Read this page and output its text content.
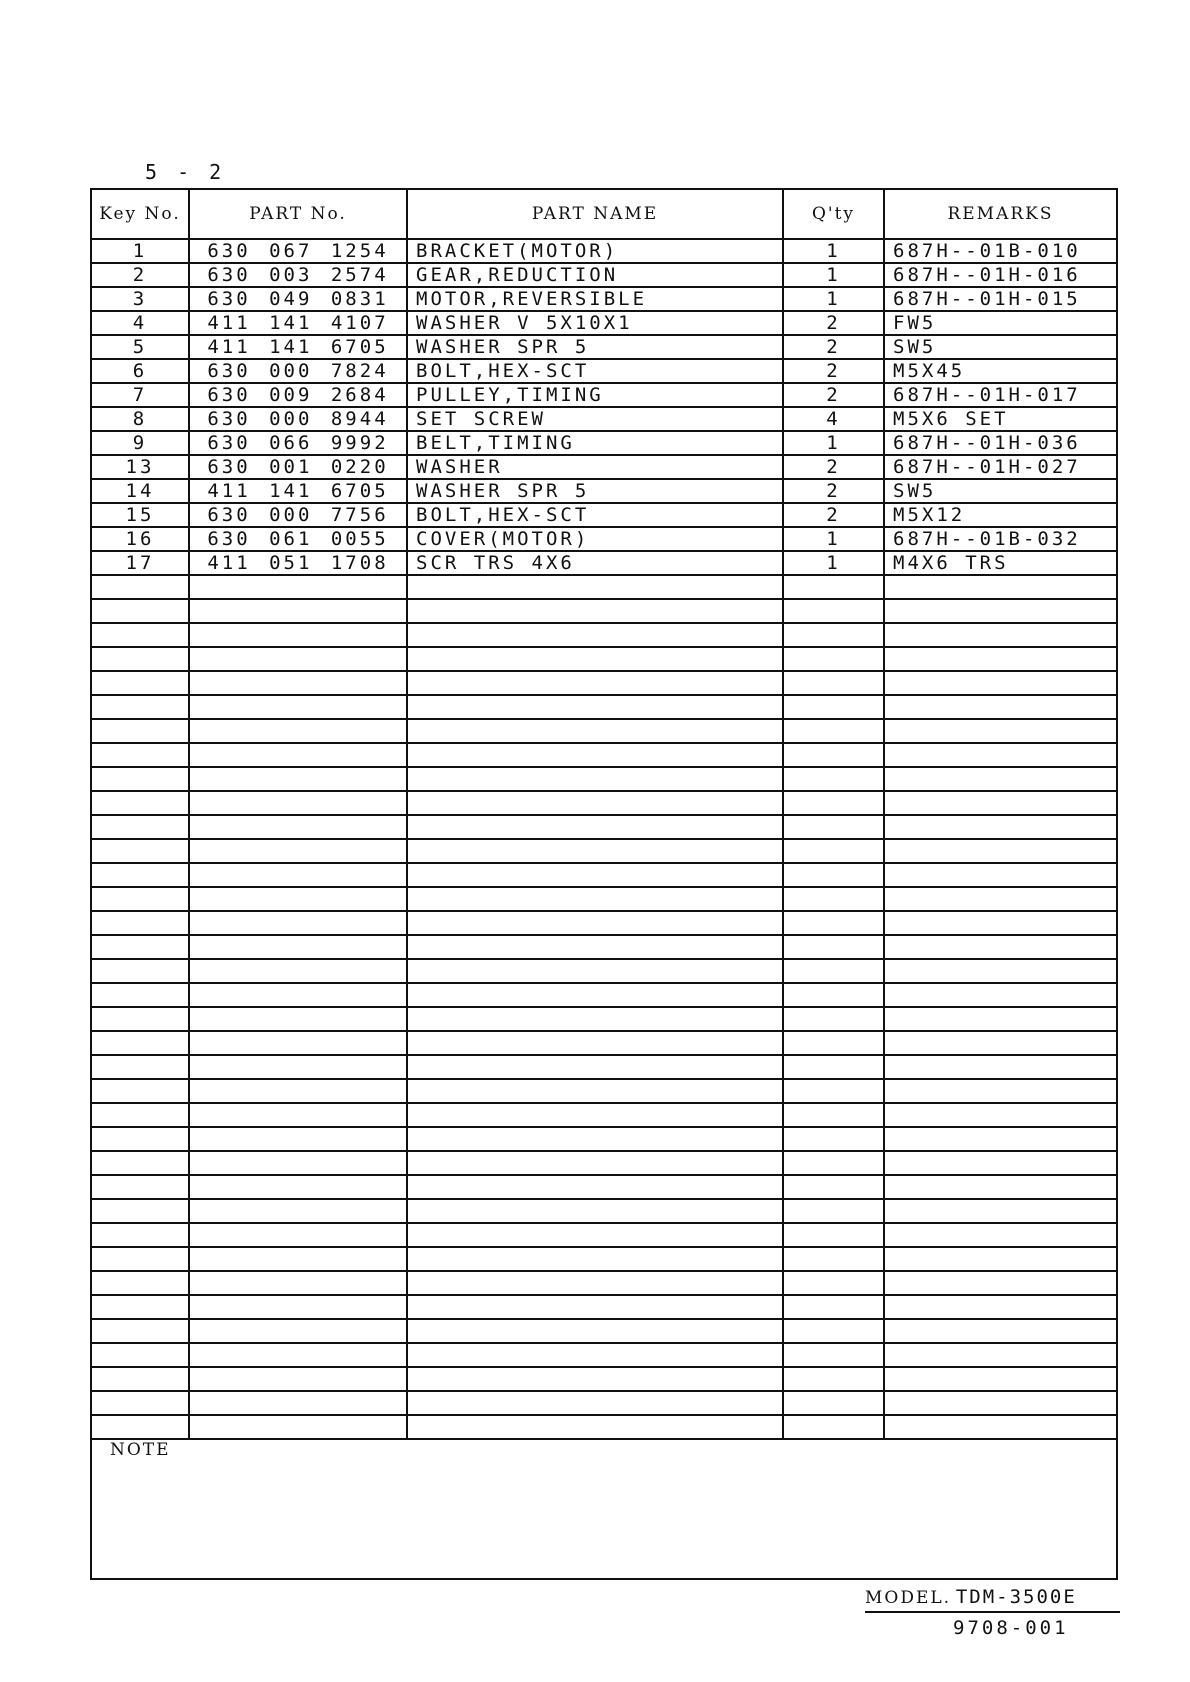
5 - 2
Key No.	PART No.	PART NAME	Q'ty	REMARKS
1	630 067 1254	BRACKET(MOTOR)	1	687H--01B-010
2	630 003 2574	GEAR,REDUCTION	1	687H--01H-016
3	630 049 0831	MOTOR,REVERSIBLE	1	687H--01H-015
4	411 141 4107	WASHER V 5X10X1	2	FW5
5	411 141 6705	WASHER SPR 5	2	SW5
6	630 000 7824	BOLT,HEX-SCT	2	M5X45
7	630 009 2684	PULLEY,TIMING	2	687H--01H-017
8	630 000 8944	SET SCREW	4	M5X6 SET
9	630 066 9992	BELT,TIMING	1	687H--01H-036
13	630 001 0220	WASHER	2	687H--01H-027
14	411 141 6705	WASHER SPR 5	2	SW5
15	630 000 7756	BOLT,HEX-SCT	2	M5X12
16	630 061 0055	COVER(MOTOR)	1	687H--01B-032
17	411 051 1708	SCR TRS 4X6	1	M4X6 TRS

NOTE
MODEL. TDM-3500E
9708-001
